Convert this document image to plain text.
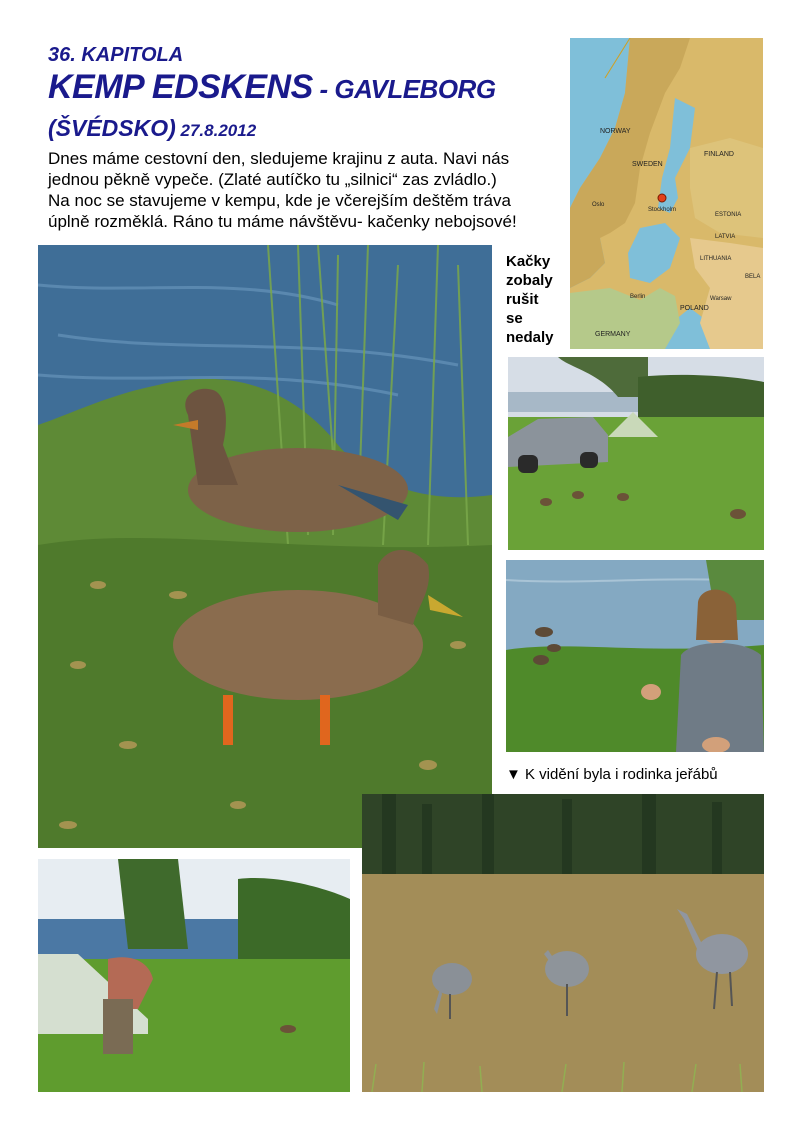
36. KAPITOLA
KEMP EDSKENS - GAVLEBORG
(ŠVÉDSKO) 27.8.2012
Dnes máme cestovní den, sledujeme krajinu z auta. Navi nás
jednou pěkně vypeče. (Zlaté autíčko tu „silnici“ zas zvládlo.)
Na noc se stavujeme v kempu, kde je včerejším deštěm tráva
úplně rozměklá. Ráno tu máme návštěvu- kačenky nebojsové!
NORWAY
SWEDEN
FINLAND
Stockholm
Oslo
ESTONIA
LATVIA
LITHUANIA
BELA
POLAND
Warsaw
Berlin
GERMANY
Kačky
zobaly
rušit
se
nedaly
▼ K vidění byla i rodinka jeřábů
